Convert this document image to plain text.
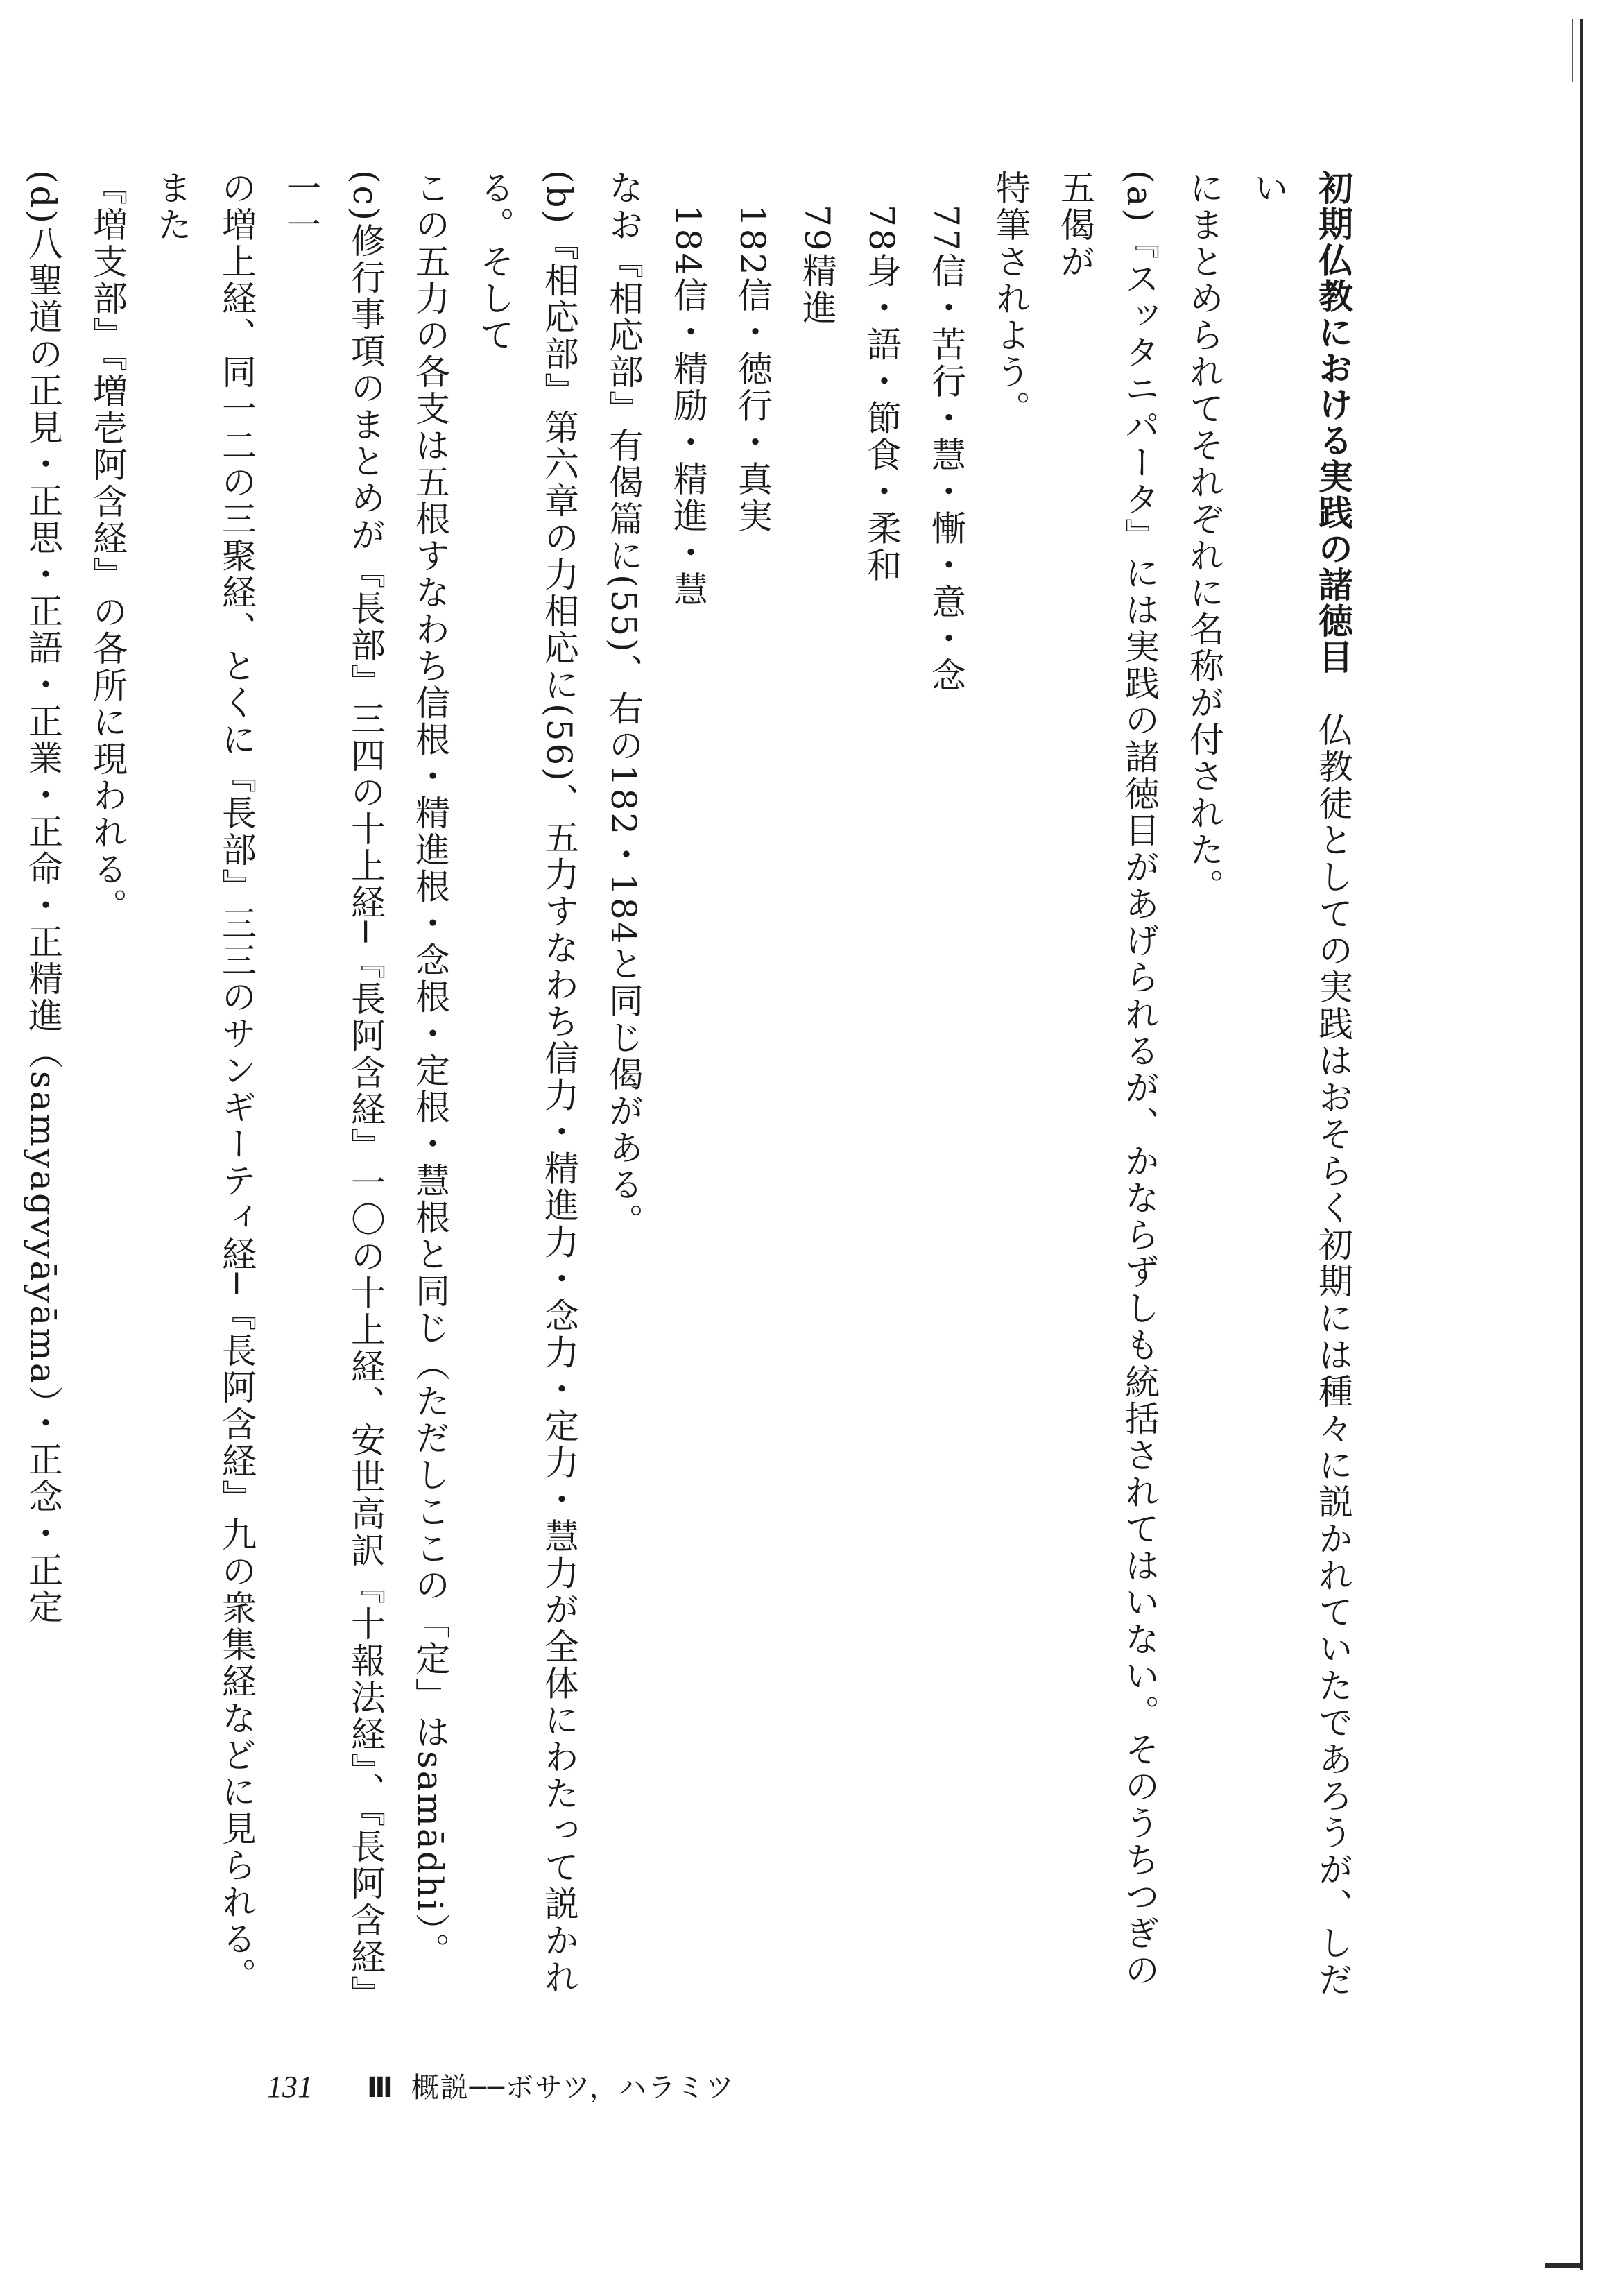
初期仏教における実践の諸徳目　仏教徒としての実践はおそらく初期には種々に説かれていたであろうが、しだい
にまとめられてそれぞれに名称が付された。
(a)『スッタニパータ』には実践の諸徳目があげられるが、かならずしも統括されてはいない。そのうちつぎの五偈が
特筆されよう。
77信・苦行・慧・慚・意・念
78身・語・節食・柔和
79精進
182信・徳行・真実
184信・精励・精進・慧
なお『相応部』有偈篇に(55)、右の182・184と同じ偈がある。
(b)『相応部』第六章の力相応に(56)、五力すなわち信力・精進力・念力・定力・慧力が全体にわたって説かれる。そして
この五力の各支は五根すなわち信根・精進根・念根・定根・慧根と同じ（ただしここの「定」はsamādhi）。
(c)修行事項のまとめが『長部』三四の十上経─『長阿含経』一〇の十上経、安世高訳『十報法経』、『長阿含経』一一
の増上経、同一二の三聚経、とくに『長部』三三のサンギーティ経─『長阿含経』九の衆集経などに見られる。また
『増支部』『増壱阿含経』の各所に現われる。
(d)八聖道の正見・正思・正語・正業・正命・正精進（samyagvyāyāma）・正念・正定
131 Ⅲ 概説──ボサツ，ハラミツ
